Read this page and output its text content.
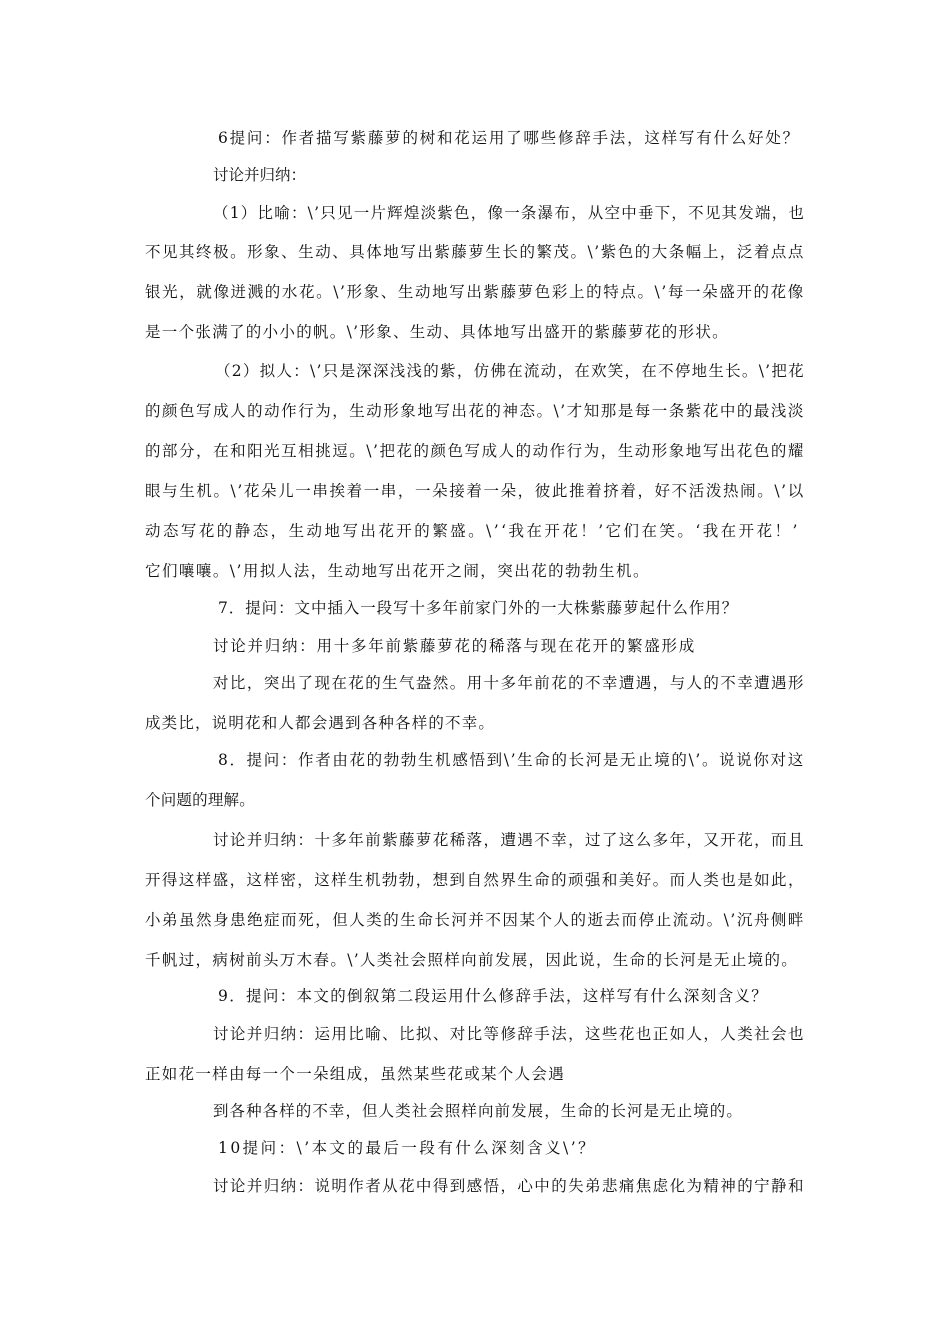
6提问：作者描写紫藤萝的树和花运用了哪些修辞手法，这样写有什么好处？
讨论并归纳：
（1）比喻：\’只见一片辉煌淡紫色，像一条瀑布，从空中垂下，不见其发端，也
不见其终极。形象、生动、具体地写出紫藤萝生长的繁茂。\’紫色的大条幅上，泛着点点
银光，就像迸溅的水花。\’形象、生动地写出紫藤萝色彩上的特点。\’每一朵盛开的花像
是一个张满了的小小的帆。\’形象、生动、具体地写出盛开的紫藤萝花的形状。
（2）拟人：\’只是深深浅浅的紫，仿佛在流动，在欢笑，在不停地生长。\’把花
的颜色写成人的动作行为，生动形象地写出花的神态。\’才知那是每一条紫花中的最浅淡
的部分，在和阳光互相挑逗。\’把花的颜色写成人的动作行为，生动形象地写出花色的耀
眼与生机。\’花朵儿一串挨着一串，一朵接着一朵，彼此推着挤着，好不活泼热闹。\’以
动态写花的静态，生动地写出花开的繁盛。\’‘我在开花！’它们在笑。‘我在开花！’
它们嚷嚷。\’用拟人法，生动地写出花开之闹，突出花的勃勃生机。
7．提问：文中插入一段写十多年前家门外的一大株紫藤萝起什么作用？
讨论并归纳：用十多年前紫藤萝花的稀落与现在花开的繁盛形成
对比，突出了现在花的生气盎然。用十多年前花的不幸遭遇，与人的不幸遭遇形
成类比，说明花和人都会遇到各种各样的不幸。
8．提问：作者由花的勃勃生机感悟到\’生命的长河是无止境的\’。说说你对这
个问题的理解。
讨论并归纳：十多年前紫藤萝花稀落，遭遇不幸，过了这么多年，又开花，而且
开得这样盛，这样密，这样生机勃勃，想到自然界生命的顽强和美好。而人类也是如此，
小弟虽然身患绝症而死，但人类的生命长河并不因某个人的逝去而停止流动。\’沉舟侧畔
千帆过，病树前头万木春。\’人类社会照样向前发展，因此说，生命的长河是无止境的。
9．提问：本文的倒叙第二段运用什么修辞手法，这样写有什么深刻含义？
讨论并归纳：运用比喻、比拟、对比等修辞手法，这些花也正如人，人类社会也
正如花一样由每一个一朵组成，虽然某些花或某个人会遇
到各种各样的不幸，但人类社会照样向前发展，生命的长河是无止境的。
10提问：\’本文的最后一段有什么深刻含义\’？
讨论并归纳：说明作者从花中得到感悟，心中的失弟悲痛焦虑化为精神的宁静和
